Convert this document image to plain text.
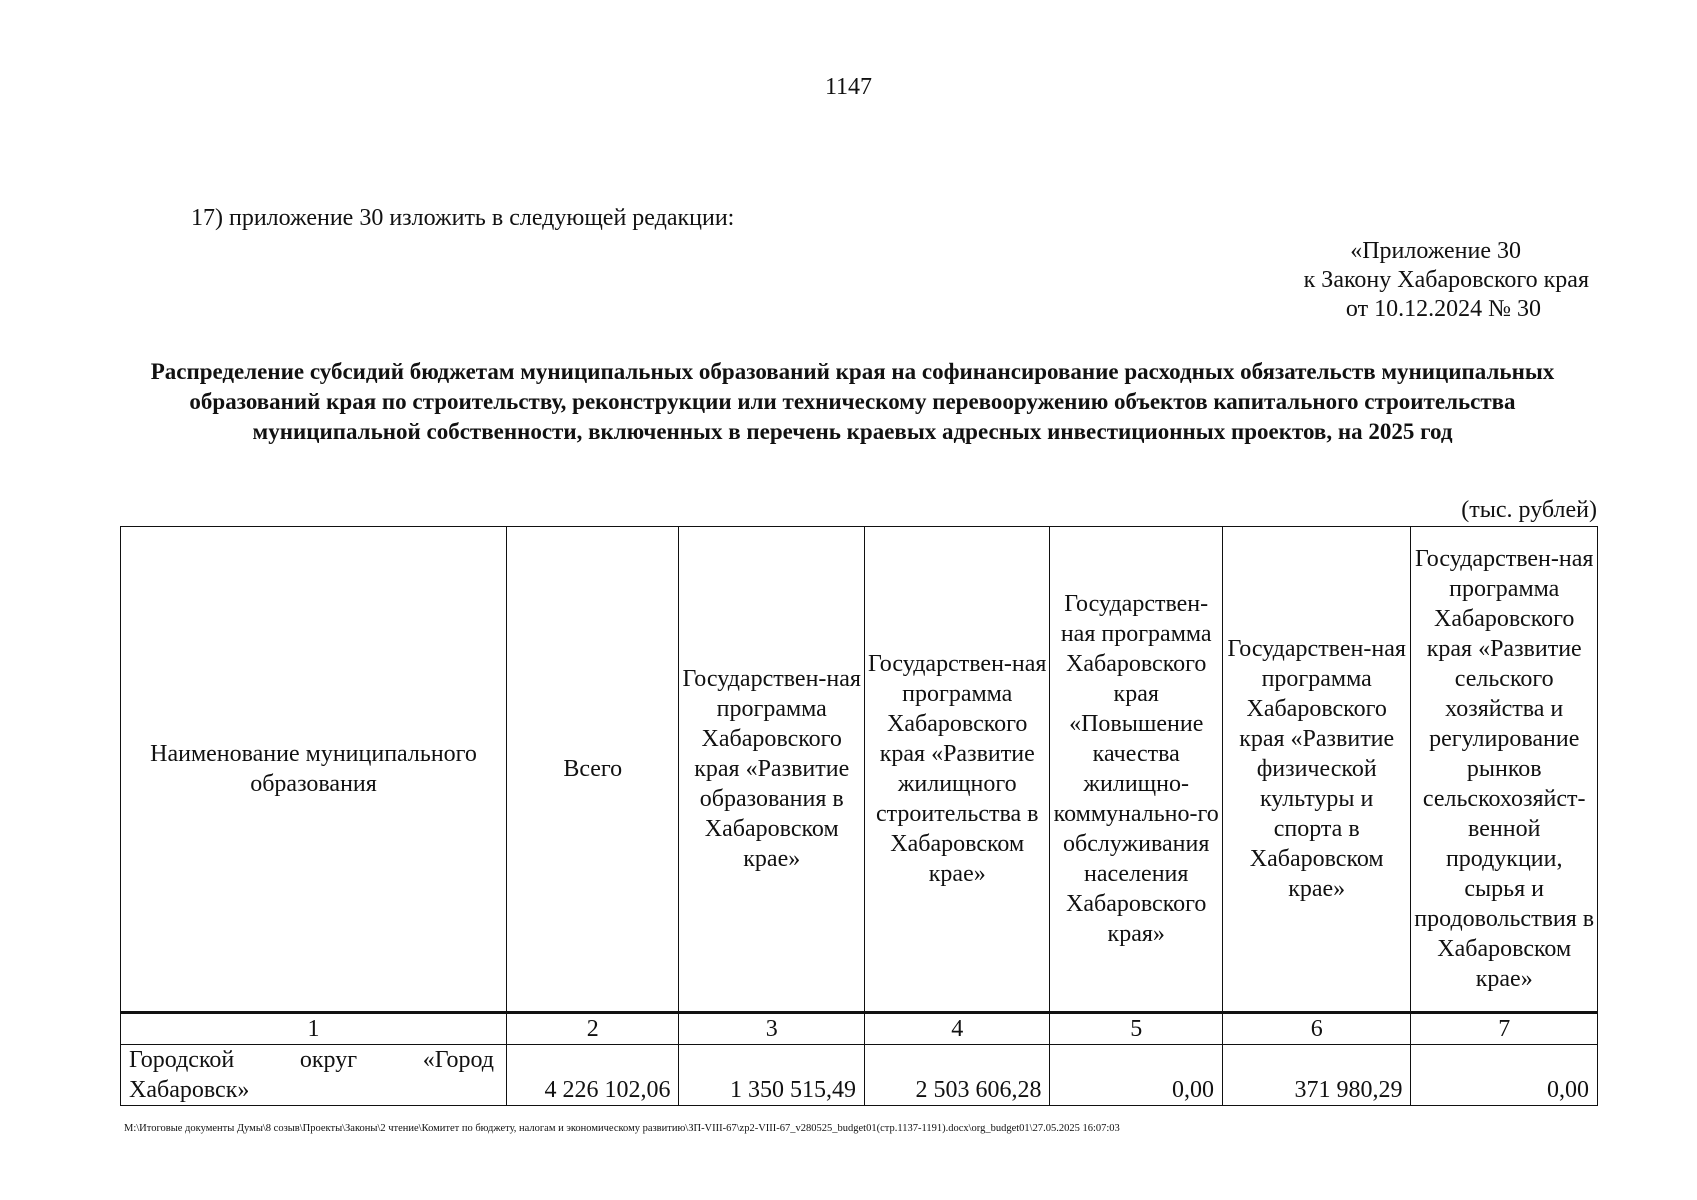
1147
17) приложение 30 изложить в следующей редакции:
«Приложение 30
к Закону Хабаровского края
от 10.12.2024 № 30
Распределение субсидий бюджетам муниципальных образований края на софинансирование расходных обязательств муниципальных образований края по строительству, реконструкции или техническому перевооружению объектов капитального строительства муниципальной собственности, включенных в перечень краевых адресных инвестиционных проектов, на 2025 год
(тыс. рублей)
Наименование муниципального образования	Всего	Государствен-ная программа Хабаровского края «Развитие образования в Хабаровском крае»	Государствен-ная программа Хабаровского края «Развитие жилищного строительства в Хабаровском крае»	Государствен-ная программа Хабаровского края «Повышение качества жилищно-коммунально-го обслуживания населения Хабаровского края»	Государствен-ная программа Хабаровского края «Развитие физической культуры и спорта в Хабаровском крае»	Государствен-ная программа Хабаровского края «Развитие сельского хозяйства и регулирование рынков сельскохозяйст-венной продукции, сырья и продовольствия в Хабаровском крае»
1	2	3	4	5	6	7

Городской округ «Город
Хабаровск»	4 226 102,06	1 350 515,49	2 503 606,28	0,00	371 980,29	0,00
M:\Итоговые документы Думы\8 созыв\Проекты\Законы\2 чтение\Комитет по бюджету, налогам и экономическому развитию\ЗП-VIII-67\zp2-VIII-67_v280525_budget01(стр.1137-1191).docx\org_budget01\27.05.2025 16:07:03
